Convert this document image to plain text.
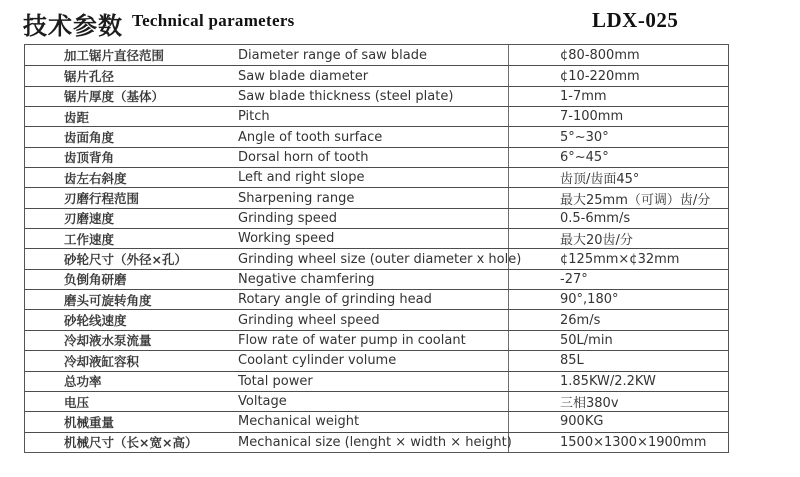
技术参数 Technical parameters	LDX-025
加工锯片直径范围	Diameter range of saw blade	¢80-800mm
锯片孔径	Saw blade diameter	¢10-220mm
锯片厚度（基体）	Saw blade thickness (steel plate)	1-7mm
齿距	Pitch	7-100mm
齿面角度	Angle of tooth surface	5°~30°
齿顶背角	Dorsal horn of tooth	6°~45°
齿左右斜度	Left and right slope	齿顶/齿面45°
刃磨行程范围	Sharpening range	最大25mm（可调）齿/分
刃磨速度	Grinding speed	0.5-6mm/s
工作速度	Working speed	最大20齿/分
砂轮尺寸（外径×孔）	Grinding wheel size (outer diameter x hole)	¢125mm×¢32mm
负倒角研磨	Negative chamfering	-27°
磨头可旋转角度	Rotary angle of grinding head	90°,180°
砂轮线速度	Grinding wheel speed	26m/s
冷却液水泵流量	Flow rate of water pump in coolant	50L/min
冷却液缸容积	Coolant cylinder volume	85L
总功率	Total power	1.85KW/2.2KW
电压	Voltage	三相380v
机械重量	Mechanical weight	900KG
机械尺寸（长×宽×高）	Mechanical size (lenght × width × height)	1500×1300×1900mm
